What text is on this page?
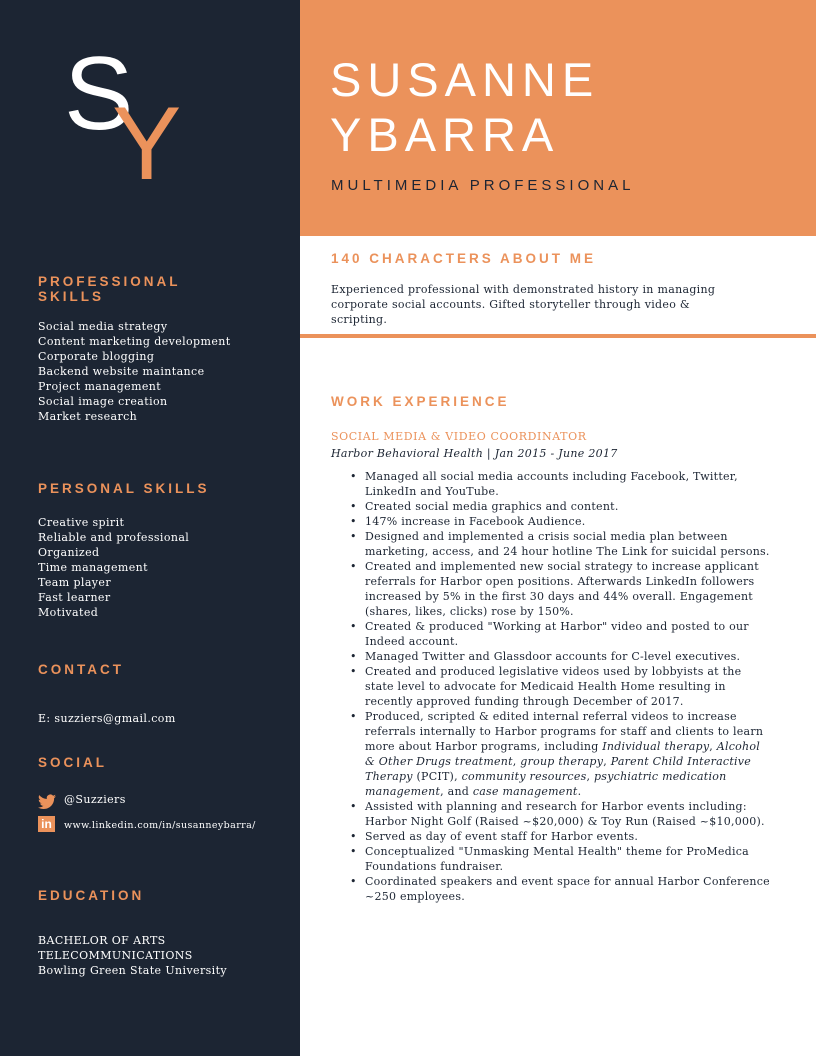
S
Y
PROFESSIONAL SKILLS
Social media strategy
Content marketing development
Corporate blogging
Backend website maintance
Project management
Social image creation
Market research
PERSONAL SKILLS
Creative spirit
Reliable and professional
Organized
Time management
Team player
Fast learner
Motivated
CONTACT
E: suzziers@gmail.com
SOCIAL
@Suzziers
in	www.linkedin.com/in/susanneybarra/
EDUCATION
BACHELOR OF ARTS
TELECOMMUNICATIONS
Bowling Green State University
SUSANNE
YBARRA
MULTIMEDIA PROFESSIONAL
140 CHARACTERS ABOUT ME
Experienced professional with demonstrated history in managing corporate social accounts. Gifted storyteller through video & scripting.
WORK EXPERIENCE
SOCIAL MEDIA & VIDEO COORDINATOR
Harbor Behavioral Health | Jan 2015 - June 2017
• Managed all social media accounts including Facebook, Twitter, LinkedIn and YouTube.
• Created social media graphics and content.
• 147% increase in Facebook Audience.
• Designed and implemented a crisis social media plan between marketing, access, and 24 hour hotline The Link for suicidal persons.
• Created and implemented new social strategy to increase applicant referrals for Harbor open positions. Afterwards LinkedIn followers increased by 5% in the first 30 days and 44% overall. Engagement (shares, likes, clicks) rose by 150%.
• Created & produced "Working at Harbor" video and posted to our Indeed account.
• Managed Twitter and Glassdoor accounts for C-level executives.
• Created and produced legislative videos used by lobbyists at the state level to advocate for Medicaid Health Home resulting in recently approved funding through December of 2017.
• Produced, scripted & edited internal referral videos to increase referrals internally to Harbor programs for staff and clients to learn more about Harbor programs, including Individual therapy, Alcohol & Other Drugs treatment, group therapy, Parent Child Interactive Therapy (PCIT), community resources, psychiatric medication management, and case management.
• Assisted with planning and research for Harbor events including: Harbor Night Golf (Raised ~$20,000) & Toy Run (Raised ~$10,000).
• Served as day of event staff for Harbor events.
• Conceptualized "Unmasking Mental Health" theme for ProMedica Foundations fundraiser.
• Coordinated speakers and event space for annual Harbor Conference ~250 employees.
